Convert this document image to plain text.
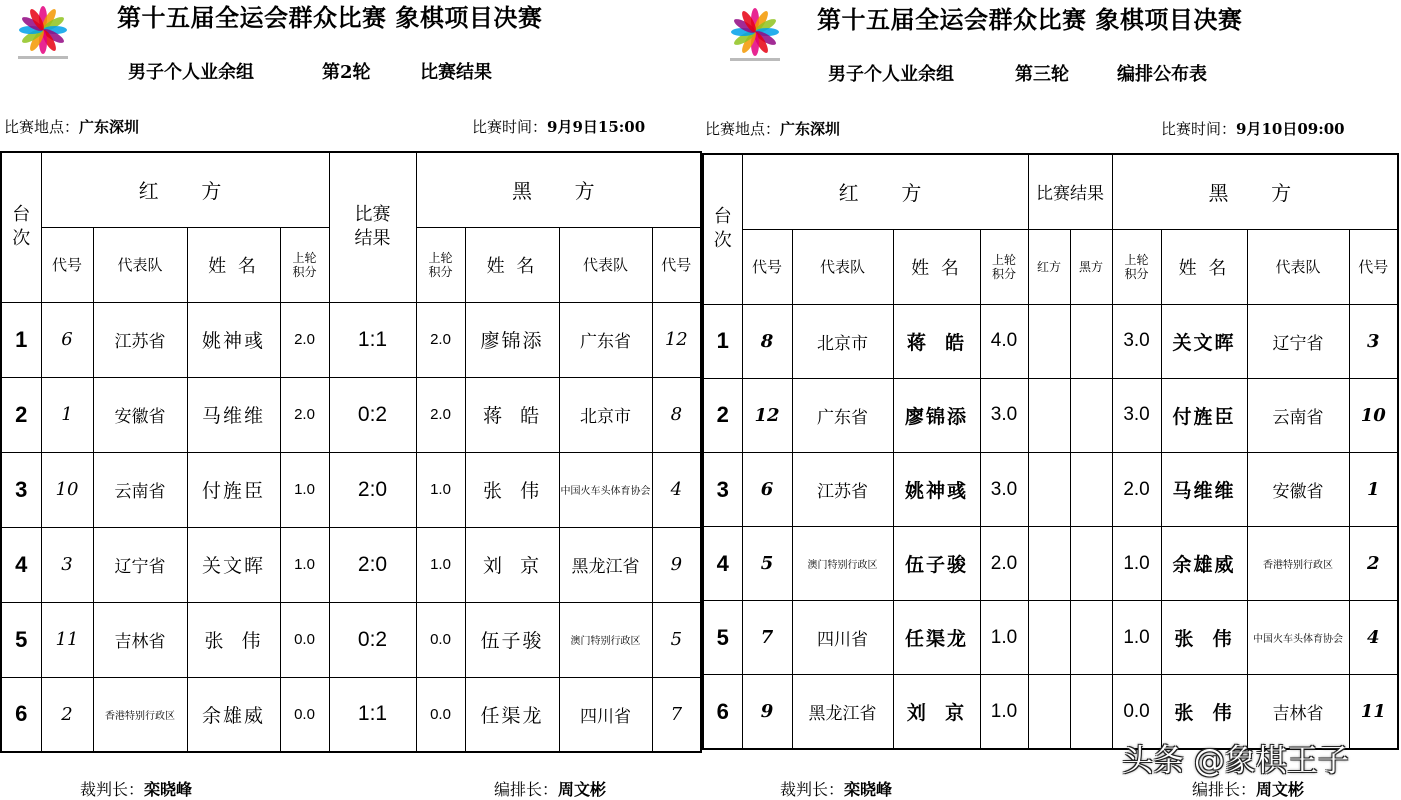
第十五届全运会群众比赛 象棋项目决赛
男子个人业余组	第2轮	比赛结果
比赛地点：广东深圳	比赛时间：9月9日15:00
台
次	红  方				比赛
结果	黑  方			
	代号	代表队	姓 名	上轮
积分		上轮
积分	姓 名	代表队	代号
1	6	江苏省	姚神彧	2.0	1:1	2.0	廖锦添	广东省	12
2	1	安徽省	马维维	2.0	0:2	2.0	蒋  皓	北京市	8
3	10	云南省	付旌臣	1.0	2:0	1.0	张  伟	中国火车头体育协会	4
4	3	辽宁省	关文晖	1.0	2:0	1.0	刘  京	黑龙江省	9
5	11	吉林省	张  伟	0.0	0:2	0.0	伍子骏	澳门特别行政区	5
6	2	香港特别行政区	余雄威	0.0	1:1	0.0	任渠龙	四川省	7
裁判长：栾晓峰	编排长：周文彬
第十五届全运会群众比赛 象棋项目决赛
男子个人业余组	第三轮	编排公布表
比赛地点：广东深圳	比赛时间：9月10日09:00
台
次	红  方				比赛结果		黑  方			
	代号	代表队	姓 名	上轮
积分	红方	黑方	上轮
积分	姓 名	代表队	代号
1	8	北京市	蒋  皓	4.0			3.0	关文晖	辽宁省	3
2	12	广东省	廖锦添	3.0			3.0	付旌臣	云南省	10
3	6	江苏省	姚神彧	3.0			2.0	马维维	安徽省	1
4	5	澳门特别行政区	伍子骏	2.0			1.0	余雄威	香港特别行政区	2
5	7	四川省	任渠龙	1.0			1.0	张  伟	中国火车头体育协会	4
6	9	黑龙江省	刘  京	1.0			0.0	张  伟	吉林省	11
裁判长：栾晓峰	编排长：周文彬
头条 @象棋王子
